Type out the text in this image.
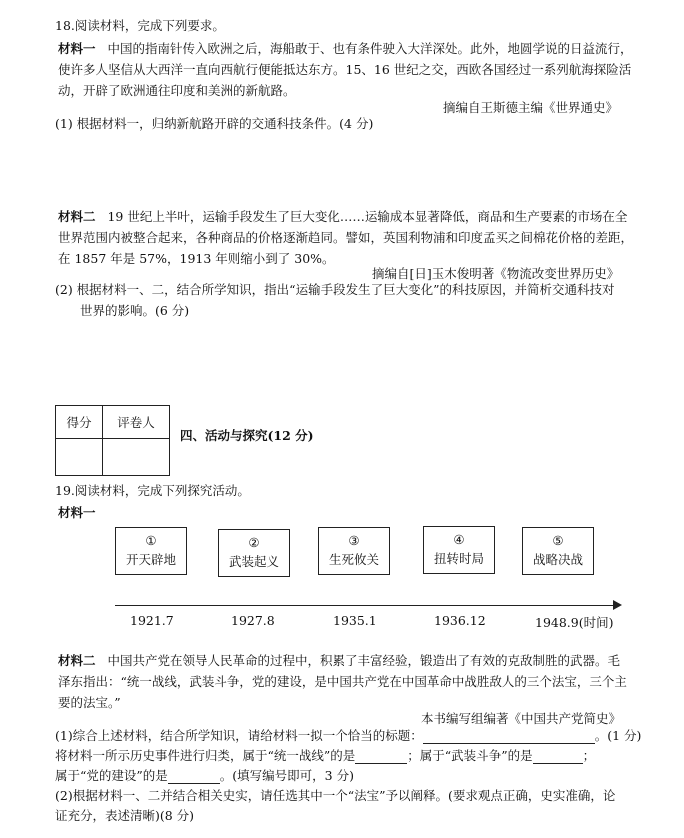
18.阅读材料，完成下列要求。
材料一 中国的指南针传入欧洲之后，海船敢于、也有条件驶入大洋深处。此外，地圆学说的日益流行，
使许多人坚信从大西洋一直向西航行便能抵达东方。15、16 世纪之交，西欧各国经过一系列航海探险活
动，开辟了欧洲通往印度和美洲的新航路。
摘编自王斯德主编《世界通史》
(1) 根据材料一，归纳新航路开辟的交通科技条件。(4 分)
材料二 19 世纪上半叶，运输手段发生了巨大变化……运输成本显著降低，商品和生产要素的市场在全
世界范围内被整合起来，各种商品的价格逐渐趋同。譬如，英国利物浦和印度孟买之间棉花价格的差距，
在 1857 年是 57%，1913 年则缩小到了 30%。
摘编自[日]玉木俊明著《物流改变世界历史》
(2) 根据材料一、二，结合所学知识，指出“运输手段发生了巨大变化”的科技原因，并简析交通科技对
世界的影响。(6 分)
得分	评卷人

四、活动与探究(12 分)
19.阅读材料，完成下列探究活动。
材料一
①
开天辟地
②
武装起义
③
生死攸关
④
扭转时局
⑤
战略决战
1921.7	1927.8	1935.1	1936.12	1948.9(时间)
材料二 中国共产党在领导人民革命的过程中，积累了丰富经验，锻造出了有效的克敌制胜的武器。毛
泽东指出：“统一战线，武装斗争，党的建设，是中国共产党在中国革命中战胜敌人的三个法宝，三个主
要的法宝。”
本书编写组编著《中国共产党简史》
(1)综合上述材料，结合所学知识，请给材料一拟一个恰当的标题：	。(1 分)
将材料一所示历史事件进行归类，属于“统一战线”的是	；属于“武装斗争”的是	；
属于“党的建设”的是	。(填写编号即可，3 分)
(2)根据材料一、二并结合相关史实，请任选其中一个“法宝”予以阐释。(要求观点正确，史实准确，论
证充分，表述清晰)(8 分)
